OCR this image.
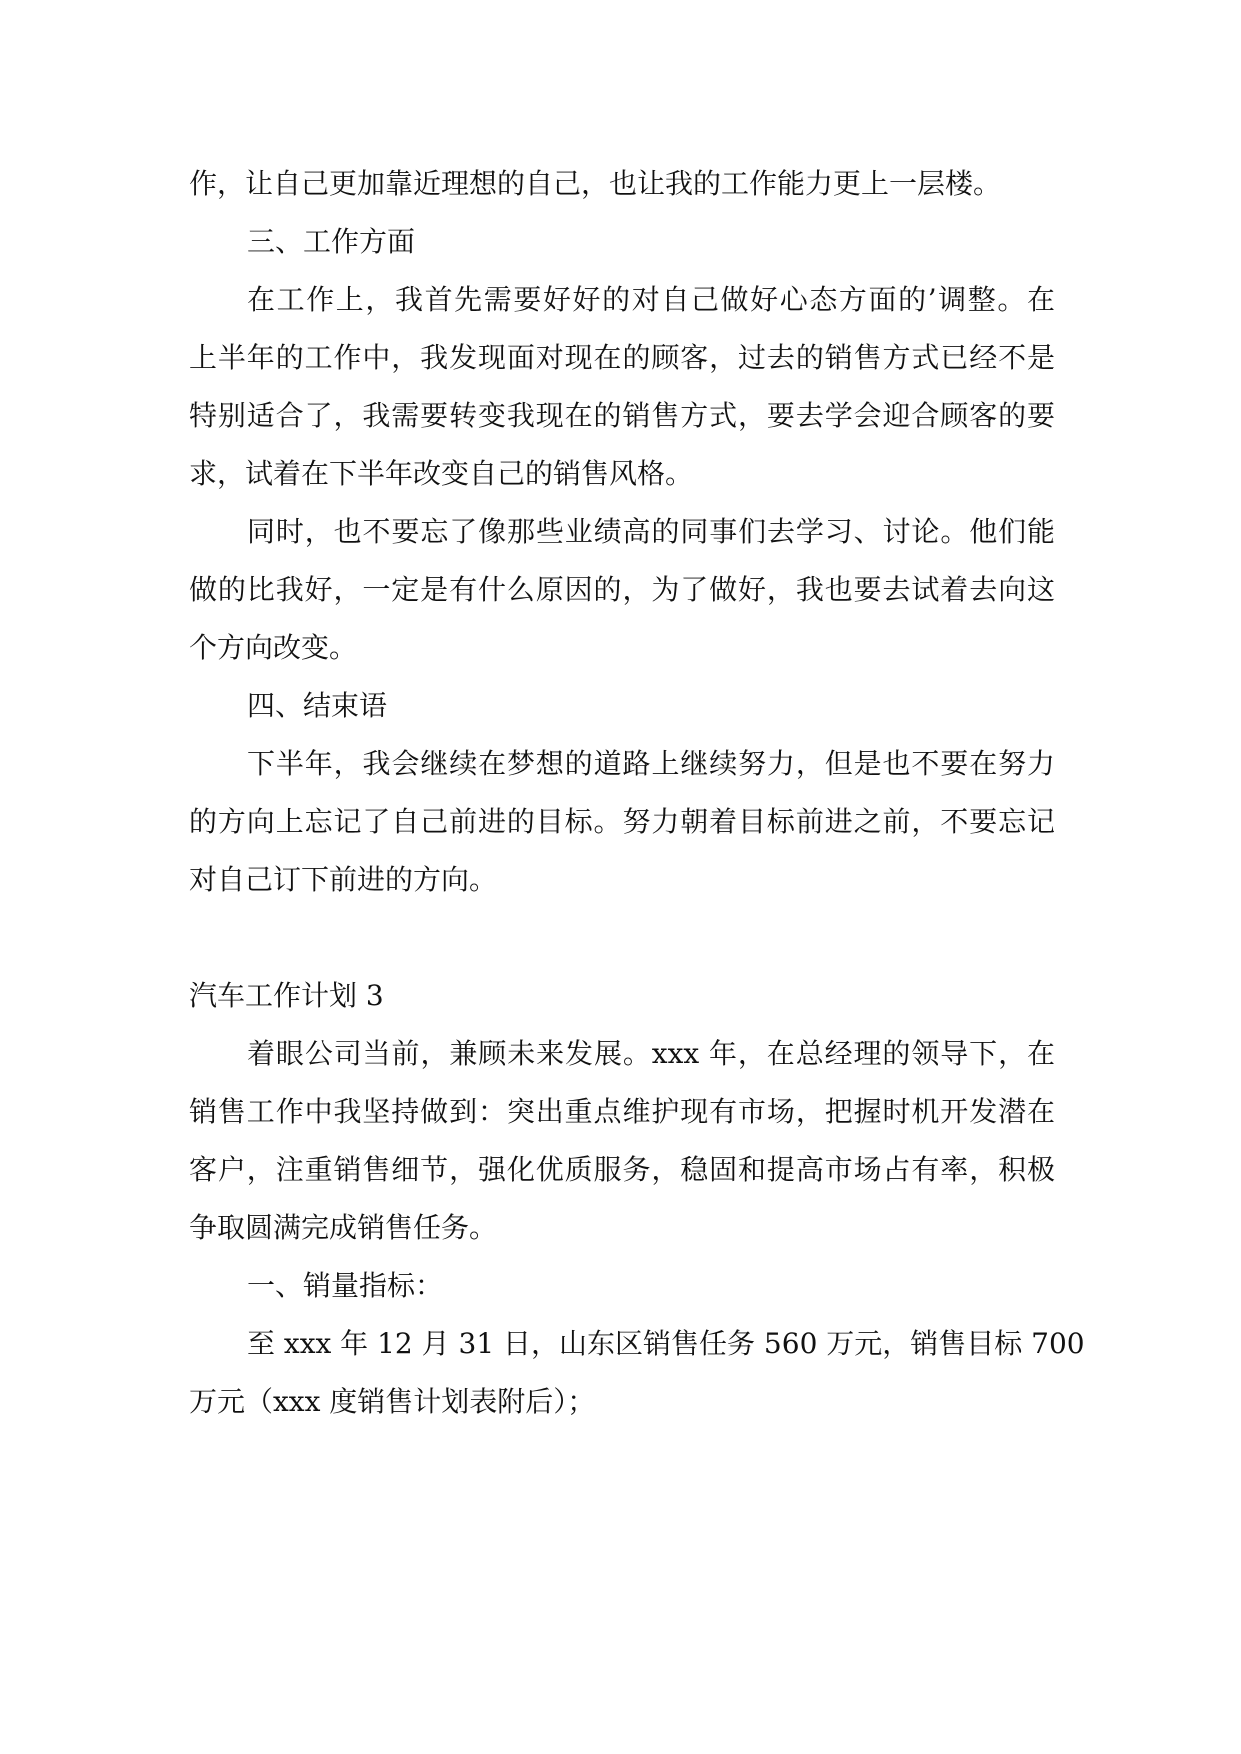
作，让自己更加靠近理想的自己，也让我的工作能力更上一层楼。
三、工作方面
在工作上，我首先需要好好的对自己做好心态方面的’调整。在
上半年的工作中，我发现面对现在的顾客，过去的销售方式已经不是
特别适合了，我需要转变我现在的销售方式，要去学会迎合顾客的要
求，试着在下半年改变自己的销售风格。
同时，也不要忘了像那些业绩高的同事们去学习、讨论。他们能
做的比我好，一定是有什么原因的，为了做好，我也要去试着去向这
个方向改变。
四、结束语
下半年，我会继续在梦想的道路上继续努力，但是也不要在努力
的方向上忘记了自己前进的目标。努力朝着目标前进之前，不要忘记
对自己订下前进的方向。
汽车工作计划 3
着眼公司当前，兼顾未来发展。xxx 年，在总经理的领导下，在
销售工作中我坚持做到：突出重点维护现有市场，把握时机开发潜在
客户，注重销售细节，强化优质服务，稳固和提高市场占有率，积极
争取圆满完成销售任务。
一、销量指标：
至 xxx 年 12 月 31 日，山东区销售任务 560 万元，销售目标 700
万元（xxx 度销售计划表附后）；
